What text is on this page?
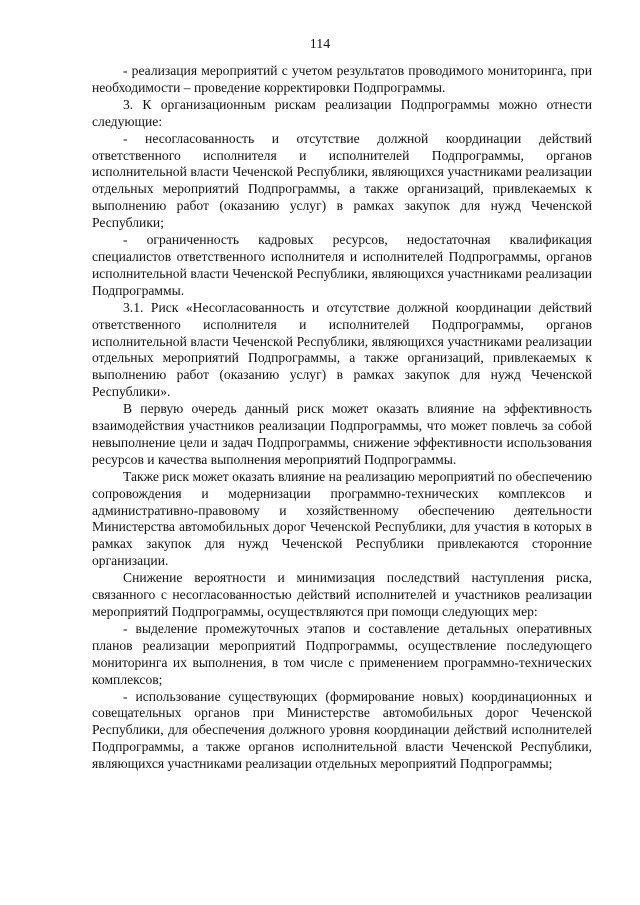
114

- реализация мероприятий с учетом результатов проводимого мониторинга, при необходимости – проведение корректировки Подпрограммы.

3. К организационным рискам реализации Подпрограммы можно отнести следующие:

- несогласованность и отсутствие должной координации действий ответственного исполнителя и исполнителей Подпрограммы, органов исполнительной власти Чеченской Республики, являющихся участниками реализации отдельных мероприятий Подпрограммы, а также организаций, привлекаемых к выполнению работ (оказанию услуг) в рамках закупок для нужд Чеченской Республики;

- ограниченность кадровых ресурсов, недостаточная квалификация специалистов ответственного исполнителя и исполнителей Подпрограммы, органов исполнительной власти Чеченской Республики, являющихся участниками реализации Подпрограммы.

3.1. Риск «Несогласованность и отсутствие должной координации действий ответственного исполнителя и исполнителей Подпрограммы, органов исполнительной власти Чеченской Республики, являющихся участниками реализации отдельных мероприятий Подпрограммы, а также организаций, привлекаемых к выполнению работ (оказанию услуг) в рамках закупок для нужд Чеченской Республики».

В первую очередь данный риск может оказать влияние на эффективность взаимодействия участников реализации Подпрограммы, что может повлечь за собой невыполнение цели и задач Подпрограммы, снижение эффективности использования ресурсов и качества выполнения мероприятий Подпрограммы.

Также риск может оказать влияние на реализацию мероприятий по обеспечению сопровождения и модернизации программно-технических комплексов и административно-правовому и хозяйственному обеспечению деятельности Министерства автомобильных дорог Чеченской Республики, для участия в которых в рамках закупок для нужд Чеченской Республики привлекаются сторонние организации.

Снижение вероятности и минимизация последствий наступления риска, связанного с несогласованностью действий исполнителей и участников реализации мероприятий Подпрограммы, осуществляются при помощи следующих мер:

- выделение промежуточных этапов и составление детальных оперативных планов реализации мероприятий Подпрограммы, осуществление последующего мониторинга их выполнения, в том числе с применением программно-технических комплексов;

- использование существующих (формирование новых) координационных и совещательных органов при Министерстве автомобильных дорог Чеченской Республики, для обеспечения должного уровня координации действий исполнителей Подпрограммы, а также органов исполнительной власти Чеченской Республики, являющихся участниками реализации отдельных мероприятий Подпрограммы;
